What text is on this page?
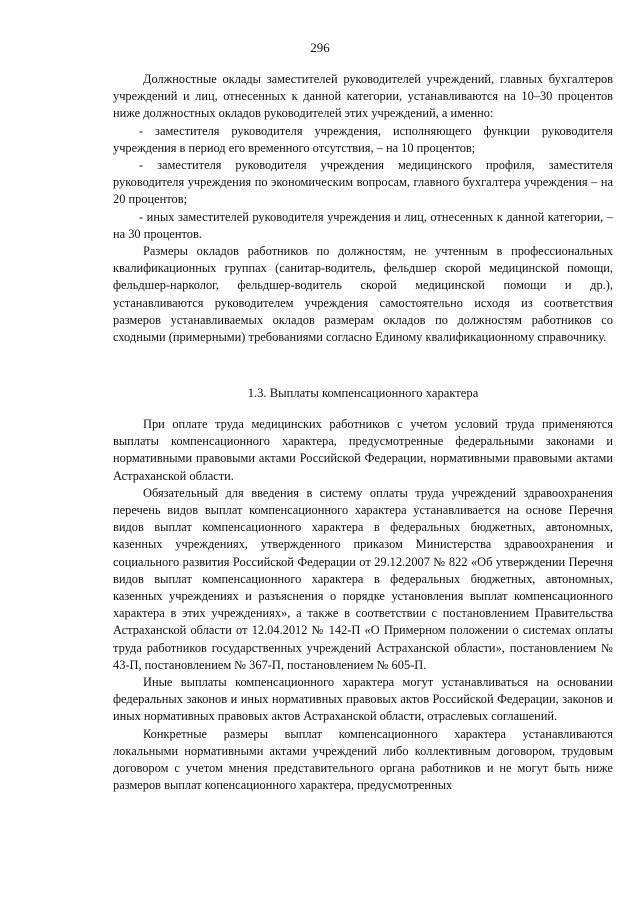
296

Должностные оклады заместителей руководителей учреждений, главных бухгалтеров учреждений и лиц, отнесенных к данной категории, устанавливаются на 10–30 процентов ниже должностных окладов руководителей этих учреждений, а именно:

- заместителя руководителя учреждения, исполняющего функции руководителя учреждения в период его временного отсутствия, – на 10 процентов;

- заместителя руководителя учреждения медицинского профиля, заместителя руководителя учреждения по экономическим вопросам, главного бухгалтера учреждения – на 20 процентов;

- иных заместителей руководителя учреждения и лиц, отнесенных к данной категории, – на 30 процентов.

Размеры окладов работников по должностям, не учтенным в профессиональных квалификационных группах (санитар-водитель, фельдшер скорой медицинской помощи, фельдшер-нарколог, фельдшер-водитель скорой медицинской помощи и др.), устанавливаются руководителем учреждения самостоятельно исходя из соответствия размеров устанавливаемых окладов размерам окладов по должностям работников со сходными (примерными) требованиями согласно Единому квалификационному справочнику.

1.3. Выплаты компенсационного характера

При оплате труда медицинских работников с учетом условий труда применяются выплаты компенсационного характера, предусмотренные федеральными законами и нормативными правовыми актами Российской Федерации, нормативными правовыми актами Астраханской области.

Обязательный для введения в систему оплаты труда учреждений здравоохранения перечень видов выплат компенсационного характера устанавливается на основе Перечня видов выплат компенсационного характера в федеральных бюджетных, автономных, казенных учреждениях, утвержденного приказом Министерства здравоохранения и социального развития Российской Федерации от 29.12.2007 № 822 «Об утверждении Перечня видов выплат компенсационного характера в федеральных бюджетных, автономных, казенных учреждениях и разъяснения о порядке установления выплат компенсационного характера в этих учреждениях», а также в соответствии с постановлением Правительства Астраханской области от 12.04.2012 № 142-П «О Примерном положении о системах оплаты труда работников государственных учреждений Астраханской области», постановлением № 43-П, постановлением № 367-П, постановлением № 605-П.

Иные выплаты компенсационного характера могут устанавливаться на основании федеральных законов и иных нормативных правовых актов Российской Федерации, законов и иных нормативных правовых актов Астраханской области, отраслевых соглашений.

Конкретные размеры выплат компенсационного характера устанавливаются локальными нормативными актами учреждений либо коллективным договором, трудовым договором с учетом мнения представительного органа работников и не могут быть ниже размеров выплат копенсационного характера, предусмотренных
